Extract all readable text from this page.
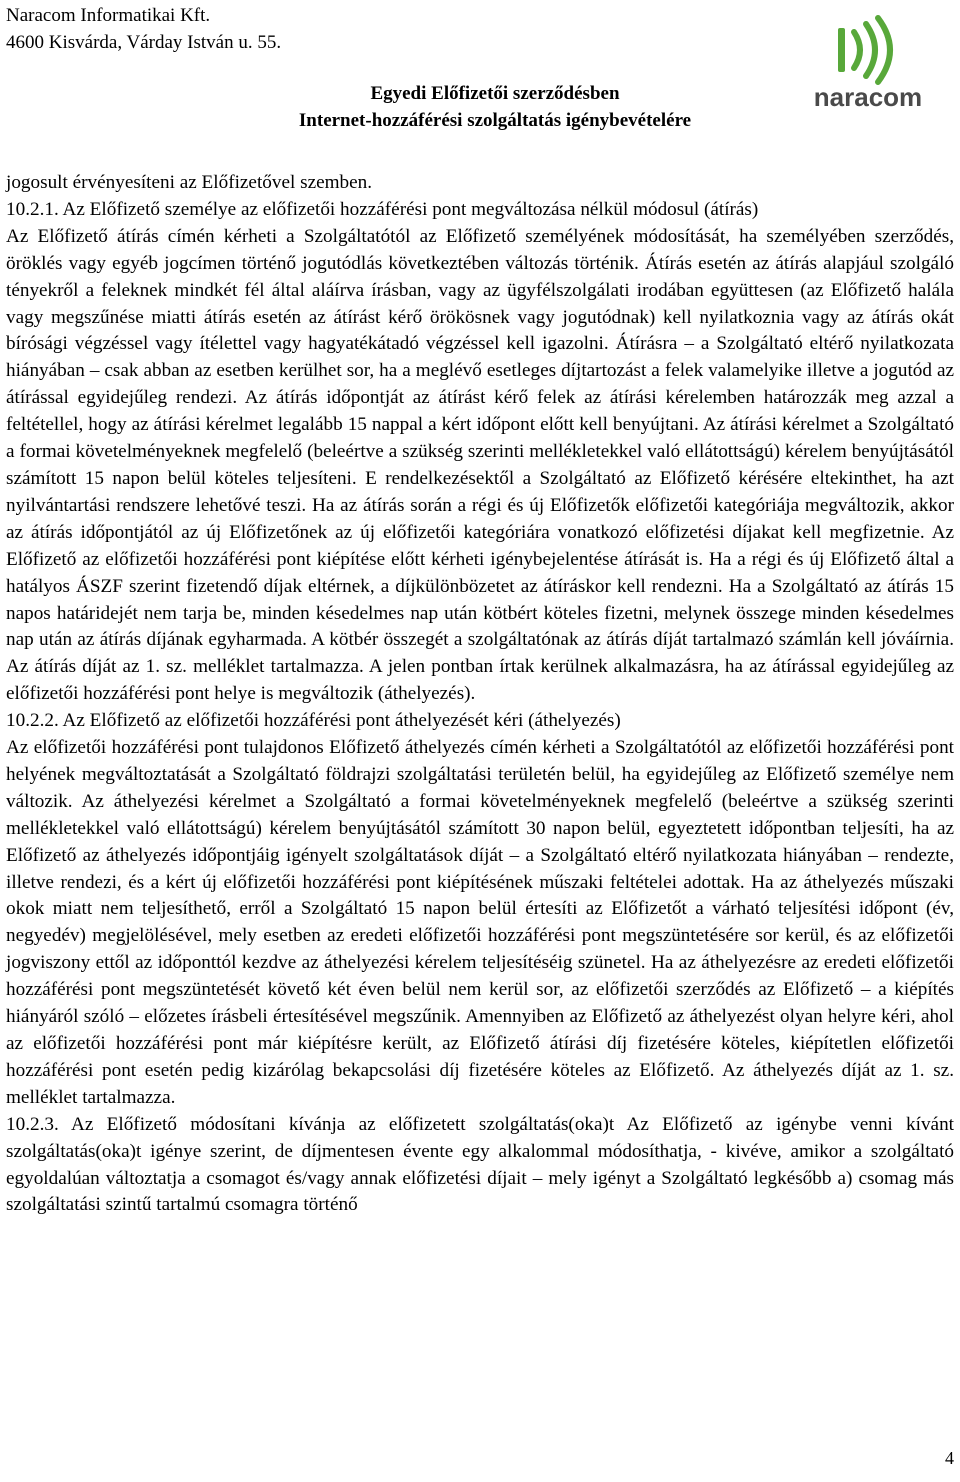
Naracom Informatikai Kft.
4600 Kisvárda, Várday István u. 55.
Egyedi Előfizetői szerződésben
Internet-hozzáférési szolgáltatás igénybevételére
naracom

jogosult érvényesíteni az Előfizetővel szemben.

10.2.1. Az Előfizető személye az előfizetői hozzáférési pont megváltozása nélkül módosul (átírás)

Az Előfizető átírás címén kérheti a Szolgáltatótól az Előfizető személyének módosítását, ha személyében szerződés, öröklés vagy egyéb jogcímen történő jogutódlás következtében változás történik. Átírás esetén az átírás alapjául szolgáló tényekről a feleknek mindkét fél által aláírva írásban, vagy az ügyfélszolgálati irodában együttesen (az Előfizető halála vagy megszűnése miatti átírás esetén az átírást kérő örökösnek vagy jogutódnak) kell nyilatkoznia vagy az átírás okát bírósági végzéssel vagy ítélettel vagy hagyatékátadó végzéssel kell igazolni. Átírásra – a Szolgáltató eltérő nyilatkozata hiányában – csak abban az esetben kerülhet sor, ha a meglévő esetleges díjtartozást a felek valamelyike illetve a jogutód az átírással egyidejűleg rendezi. Az átírás időpontját az átírást kérő felek az átírási kérelemben határozzák meg azzal a feltétellel, hogy az átírási kérelmet legalább 15 nappal a kért időpont előtt kell benyújtani. Az átírási kérelmet a Szolgáltató a formai követelményeknek megfelelő (beleértve a szükség szerinti mellékletekkel való ellátottságú) kérelem benyújtásától számított 15 napon belül köteles teljesíteni. E rendelkezésektől a Szolgáltató az Előfizető kérésére eltekinthet, ha azt nyilvántartási rendszere lehetővé teszi. Ha az átírás során a régi és új Előfizetők előfizetői kategóriája megváltozik, akkor az átírás időpontjától az új Előfizetőnek az új előfizetői kategóriára vonatkozó előfizetési díjakat kell megfizetnie. Az Előfizető az előfizetői hozzáférési pont kiépítése előtt kérheti igénybejelentése átírását is. Ha a régi és új Előfizető által a hatályos ÁSZF szerint fizetendő díjak eltérnek, a díjkülönbözetet az átíráskor kell rendezni. Ha a Szolgáltató az átírás 15 napos határidejét nem tarja be, minden késedelmes nap után kötbért köteles fizetni, melynek összege minden késedelmes nap után az átírás díjának egyharmada. A kötbér összegét a szolgáltatónak az átírás díját tartalmazó számlán kell jóváírnia. Az átírás díját az 1. sz. melléklet tartalmazza. A jelen pontban írtak kerülnek alkalmazásra, ha az átírással egyidejűleg az előfizetői hozzáférési pont helye is megváltozik (áthelyezés).

10.2.2. Az Előfizető az előfizetői hozzáférési pont áthelyezését kéri (áthelyezés)

Az előfizetői hozzáférési pont tulajdonos Előfizető áthelyezés címén kérheti a Szolgáltatótól az előfizetői hozzáférési pont helyének megváltoztatását a Szolgáltató földrajzi szolgáltatási területén belül, ha egyidejűleg az Előfizető személye nem változik. Az áthelyezési kérelmet a Szolgáltató a formai követelményeknek megfelelő (beleértve a szükség szerinti mellékletekkel való ellátottságú) kérelem benyújtásától számított 30 napon belül, egyeztetett időpontban teljesíti, ha az Előfizető az áthelyezés időpontjáig igényelt szolgáltatások díját – a Szolgáltató eltérő nyilatkozata hiányában – rendezte, illetve rendezi, és a kért új előfizetői hozzáférési pont kiépítésének műszaki feltételei adottak. Ha az áthelyezés műszaki okok miatt nem teljesíthető, erről a Szolgáltató 15 napon belül értesíti az Előfizetőt a várható teljesítési időpont (év, negyedév) megjelölésével, mely esetben az eredeti előfizetői hozzáférési pont megszüntetésére sor kerül, és az előfizetői jogviszony ettől az időponttól kezdve az áthelyezési kérelem teljesítéséig szünetel. Ha az áthelyezésre az eredeti előfizetői hozzáférési pont megszüntetését követő két éven belül nem kerül sor, az előfizetői szerződés az Előfizető – a kiépítés hiányáról szóló – előzetes írásbeli értesítésével megszűnik. Amennyiben az Előfizető az áthelyezést olyan helyre kéri, ahol az előfizetői hozzáférési pont már kiépítésre került, az Előfizető átírási díj fizetésére köteles, kiépítetlen előfizetői hozzáférési pont esetén pedig kizárólag bekapcsolási díj fizetésére köteles az Előfizető. Az áthelyezés díját az 1. sz. melléklet tartalmazza.

10.2.3. Az Előfizető módosítani kívánja az előfizetett szolgáltatás(oka)t Az Előfizető az igénybe venni kívánt szolgáltatás(oka)t igénye szerint, de díjmentesen évente egy alkalommal módosíthatja, - kivéve, amikor a szolgáltató egyoldalúan változtatja a csomagot és/vagy annak előfizetési díjait – mely igényt a Szolgáltató legkésőbb a) csomag más szolgáltatási szintű tartalmú csomagra történő

4
